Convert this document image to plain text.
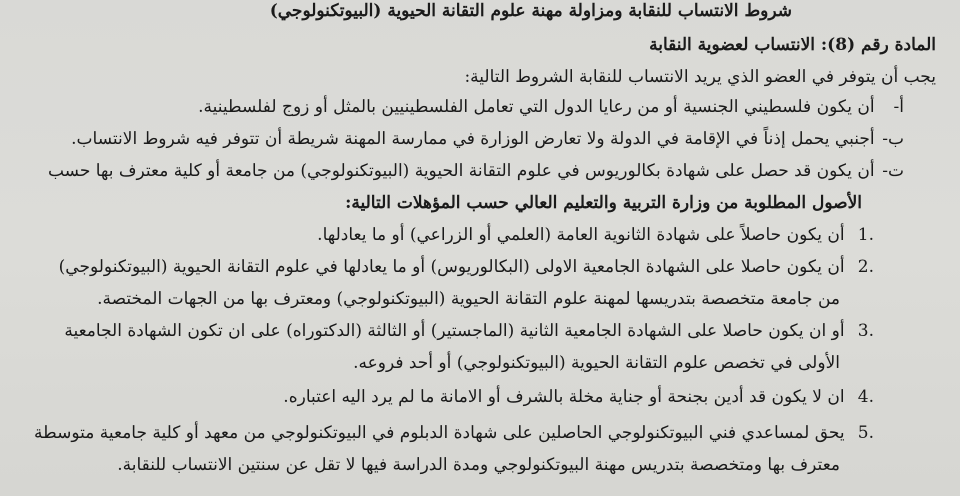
شروط الانتساب للنقابة ومزاولة مهنة علوم التقانة الحيوية (البيوتكنولوجي)
المادة رقم (8): الانتساب لعضوية النقابة
يجب أن يتوفر في العضو الذي يريد الانتساب للنقابة الشروط التالية:
أ- أن يكون فلسطيني الجنسية أو من رعايا الدول التي تعامل الفلسطينيين بالمثل أو زوج لفلسطينية.
ب- أجنبي يحمل إذناً في الإقامة في الدولة ولا تعارض الوزارة في ممارسة المهنة شريطة أن تتوفر فيه شروط الانتساب.
ت- أن يكون قد حصل على شهادة بكالوريوس في علوم التقانة الحيوية (البيوتكنولوجي) من جامعة أو كلية معترف بها حسب
الأصول المطلوبة من وزارة التربية والتعليم العالي حسب المؤهلات التالية:
.1 أن يكون حاصلاً على شهادة الثانوية العامة (العلمي أو الزراعي) أو ما يعادلها.
.2 أن يكون حاصلا على الشهادة الجامعية الاولى (البكالوريوس) أو ما يعادلها في علوم التقانة الحيوية (البيوتكنولوجي)
من جامعة متخصصة بتدريسها لمهنة علوم التقانة الحيوية (البيوتكنولوجي) ومعترف بها من الجهات المختصة.
.3 أو ان يكون حاصلا على الشهادة الجامعية الثانية (الماجستير) أو الثالثة (الدكتوراه) على ان تكون الشهادة الجامعية
الأولى في تخصص علوم التقانة الحيوية (البيوتكنولوجي) أو أحد فروعه.
.4 ان لا يكون قد أدين بجنحة أو جناية مخلة بالشرف أو الامانة ما لم يرد اليه اعتباره.
.5 يحق لمساعدي فني البيوتكنولوجي الحاصلين على شهادة الدبلوم في البيوتكنولوجي من معهد أو كلية جامعية متوسطة
معترف بها ومتخصصة بتدريس مهنة البيوتكنولوجي ومدة الدراسة فيها لا تقل عن سنتين الانتساب للنقابة.
